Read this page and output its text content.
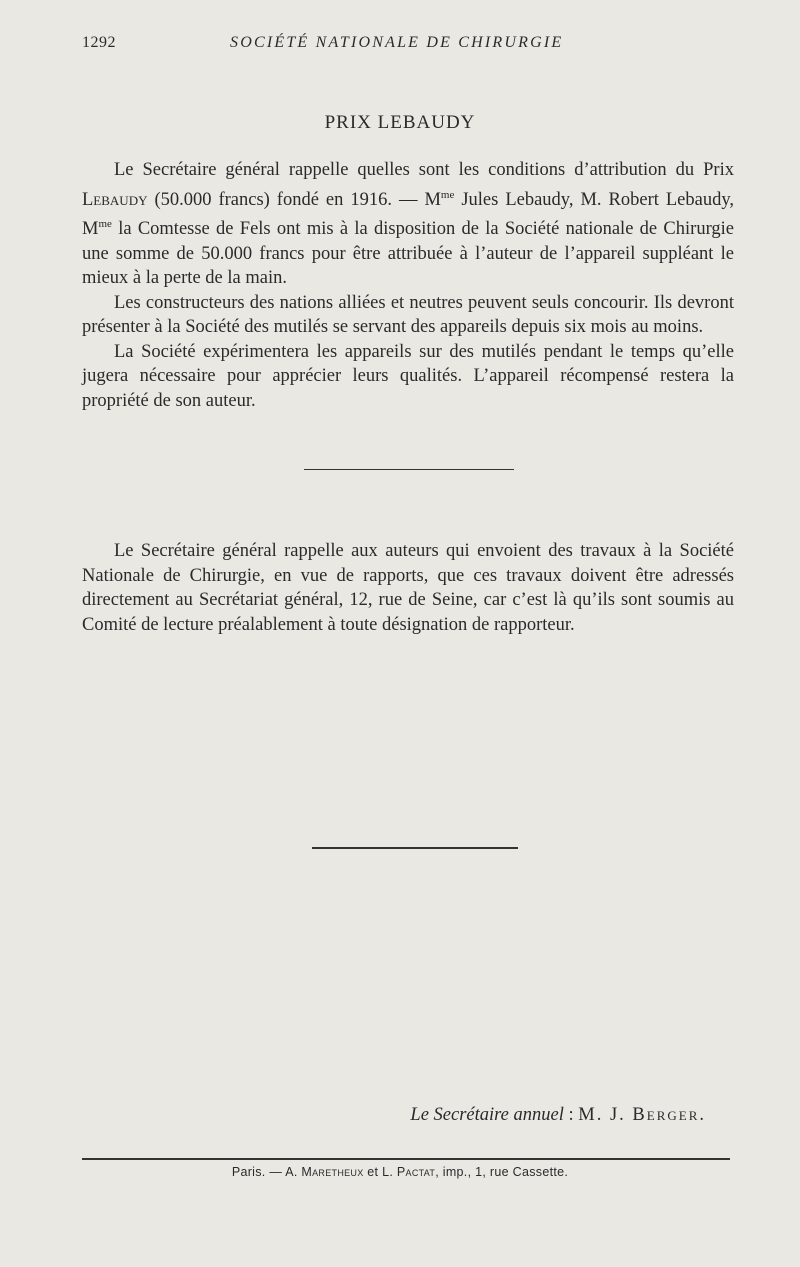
1292	SOCIÉTÉ NATIONALE DE CHIRURGIE
PRIX LEBAUDY

Le Secrétaire général rappelle quelles sont les conditions d’attribution du Prix Lebaudy (50.000 francs) fondé en 1916. — $M^{me}$ Jules Lebaudy, M. Robert Lebaudy, $M^{me}$ la Comtesse de Fels ont mis à la disposition de la Société nationale de Chirurgie une somme de 50.000 francs pour être attribuée à l’auteur de l’appareil suppléant le mieux à la perte de la main.

Les constructeurs des nations alliées et neutres peuvent seuls concourir. Ils devront présenter à la Société des mutilés se servant des appareils depuis six mois au moins.

La Société expérimentera les appareils sur des mutilés pendant le temps qu’elle jugera nécessaire pour apprécier leurs qualités. L’appareil récompensé restera la propriété de son auteur.

Le Secrétaire général rappelle aux auteurs qui envoient des travaux à la Société Nationale de Chirurgie, en vue de rapports, que ces travaux doivent être adressés directement au Secrétariat général, 12, rue de Seine, car c’est là qu’ils sont soumis au Comité de lecture préalablement à toute désignation de rapporteur.

Le Secrétaire annuel : M. J. Berger.
Paris. — A. Maretheux et L. Pactat, imp., 1, rue Cassette.
